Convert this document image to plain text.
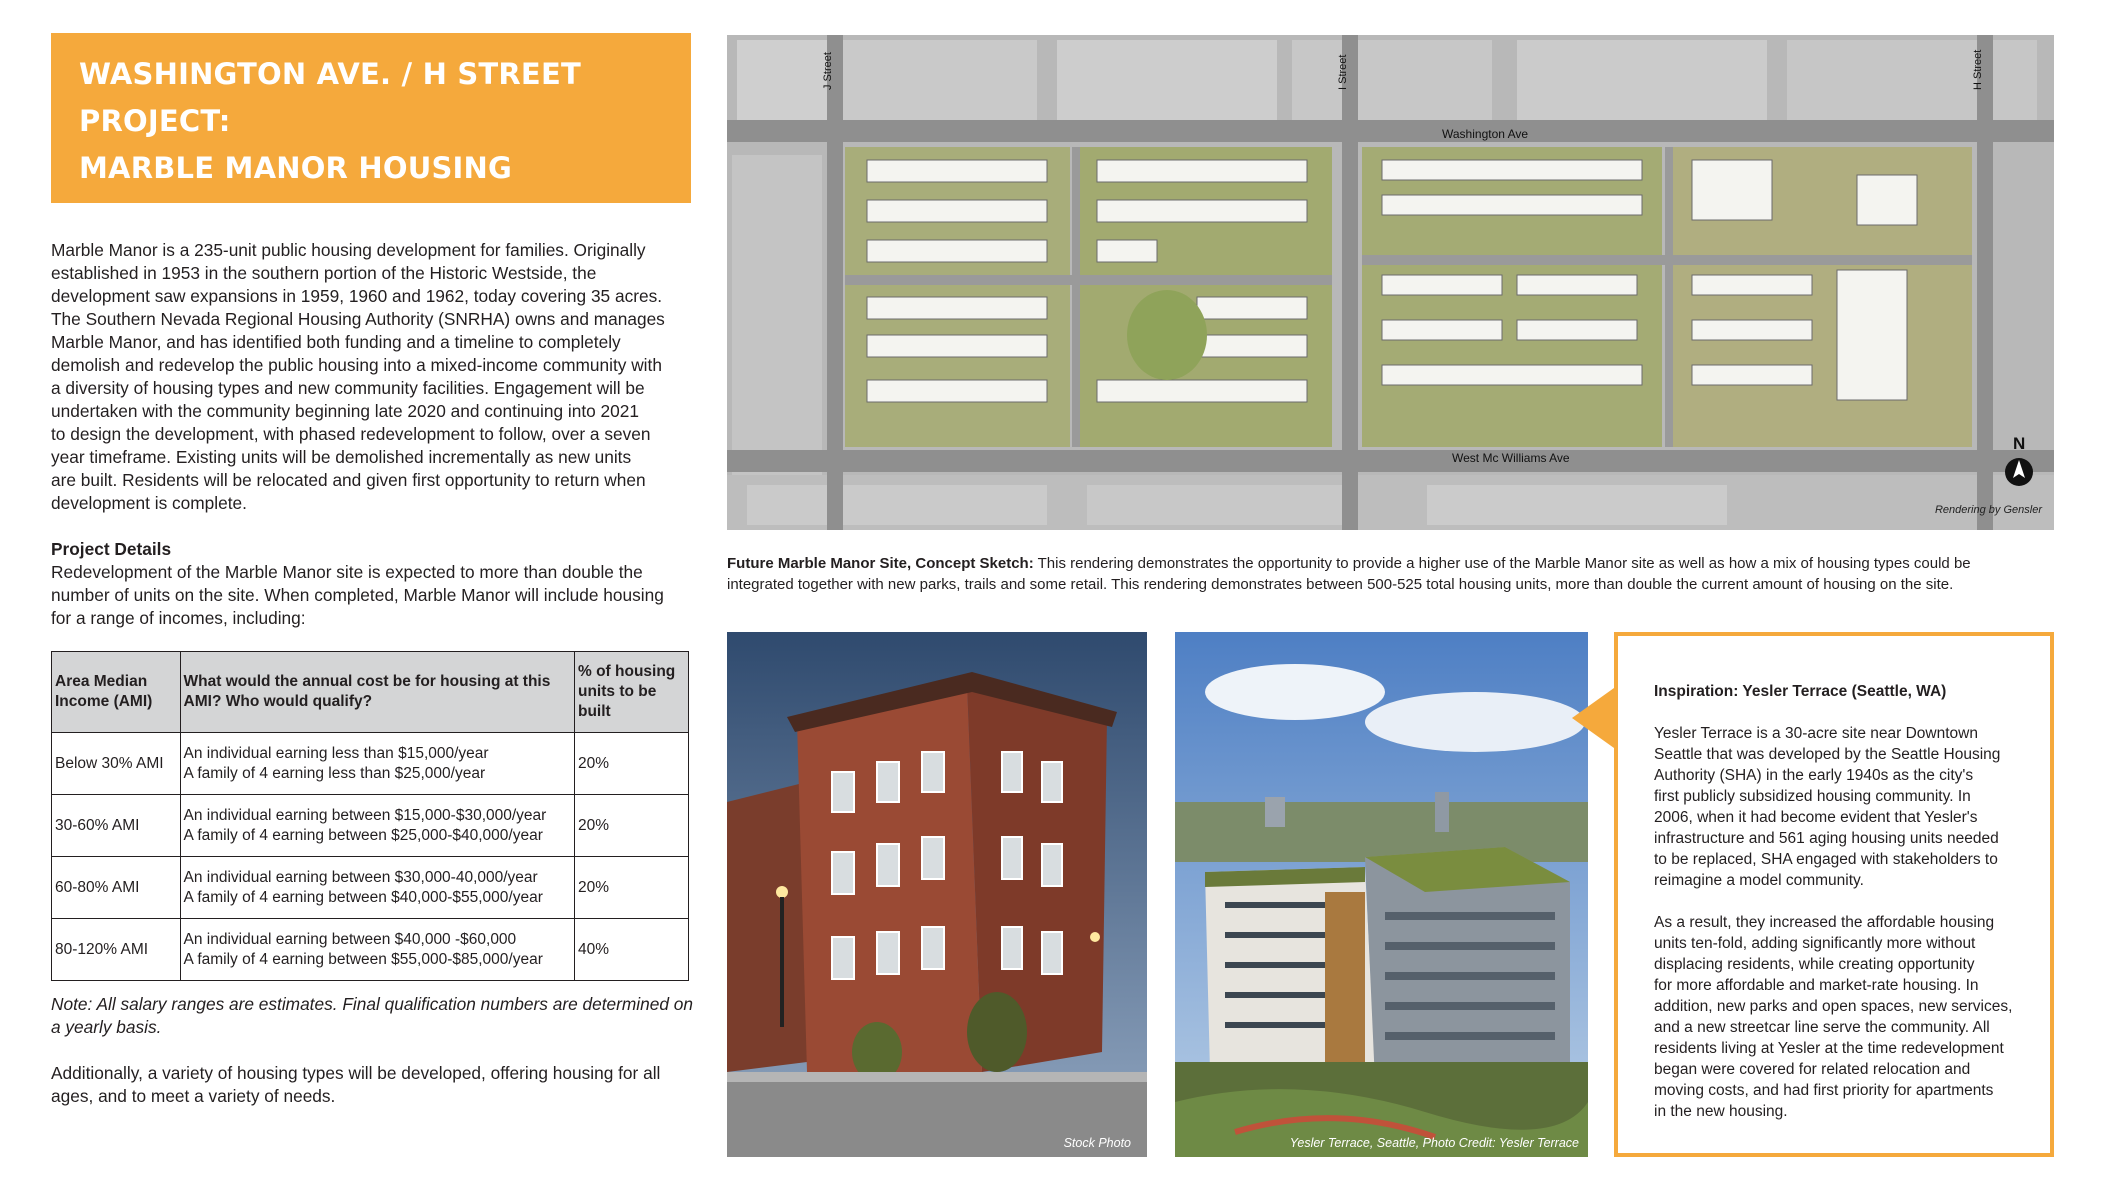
WASHINGTON AVE. / H STREET PROJECT:
MARBLE MANOR HOUSING
REDEVELOPMENT
Marble Manor is a 235-unit public housing development for families. Originally
established in 1953 in the southern portion of the Historic Westside, the
development saw expansions in 1959, 1960 and 1962, today covering 35 acres.
The Southern Nevada Regional Housing Authority (SNRHA) owns and manages
Marble Manor, and has identified both funding and a timeline to completely
demolish and redevelop the public housing into a mixed-income community with
a diversity of housing types and new community facilities. Engagement will be
undertaken with the community beginning late 2020 and continuing into 2021
to design the development, with phased redevelopment to follow, over a seven
year timeframe. Existing units will be demolished incrementally as new units
are built. Residents will be relocated and given first opportunity to return when
development is complete.
Project Details
Redevelopment of the Marble Manor site is expected to more than double the
number of units on the site. When completed, Marble Manor will include housing
for a range of incomes, including:
Area Median
Income (AMI)	What would the annual cost be for housing at this
AMI? Who would qualify?	% of housing
units to be
built

Below 30% AMI	An individual earning less than $15,000/year
A family of 4 earning less than $25,000/year	20%
30-60% AMI	An individual earning between $15,000-$30,000/year
A family of 4 earning between $25,000-$40,000/year	20%
60-80% AMI	An individual earning between $30,000-40,000/year
A family of 4 earning between $40,000-$55,000/year	20%
80-120% AMI	An individual earning between $40,000 -$60,000
A family of 4 earning between $55,000-$85,000/year	40%
Note: All salary ranges are estimates. Final qualification numbers are determined on
a yearly basis.
Additionally, a variety of housing types will be developed, offering housing for all
ages, and to meet a variety of needs.
J Street	I Street	H Street
Washington Ave
West Mc Williams Ave
N
Rendering by Gensler
Future Marble Manor Site, Concept Sketch: This rendering demonstrates the opportunity to provide a higher use of the Marble Manor site as well as how a mix of housing types could be
integrated together with new parks, trails and some retail. This rendering demonstrates between 500-525 total housing units, more than double the current amount of housing on the site.
Stock Photo	Yesler Terrace, Seattle, Photo Credit: Yesler Terrace
Inspiration: Yesler Terrace (Seattle, WA)
Yesler Terrace is a 30-acre site near Downtown
Seattle that was developed by the Seattle Housing
Authority (SHA) in the early 1940s as the city's
first publicly subsidized housing community. In
2006, when it had become evident that Yesler's
infrastructure and 561 aging housing units needed
to be replaced, SHA engaged with stakeholders to
reimagine a model community.
As a result, they increased the affordable housing
units ten-fold, adding significantly more without
displacing residents, while creating opportunity
for more affordable and market-rate housing. In
addition, new parks and open spaces, new services,
and a new streetcar line serve the community. All
residents living at Yesler at the time redevelopment
began were covered for related relocation and
moving costs, and had first priority for apartments
in the new housing.
